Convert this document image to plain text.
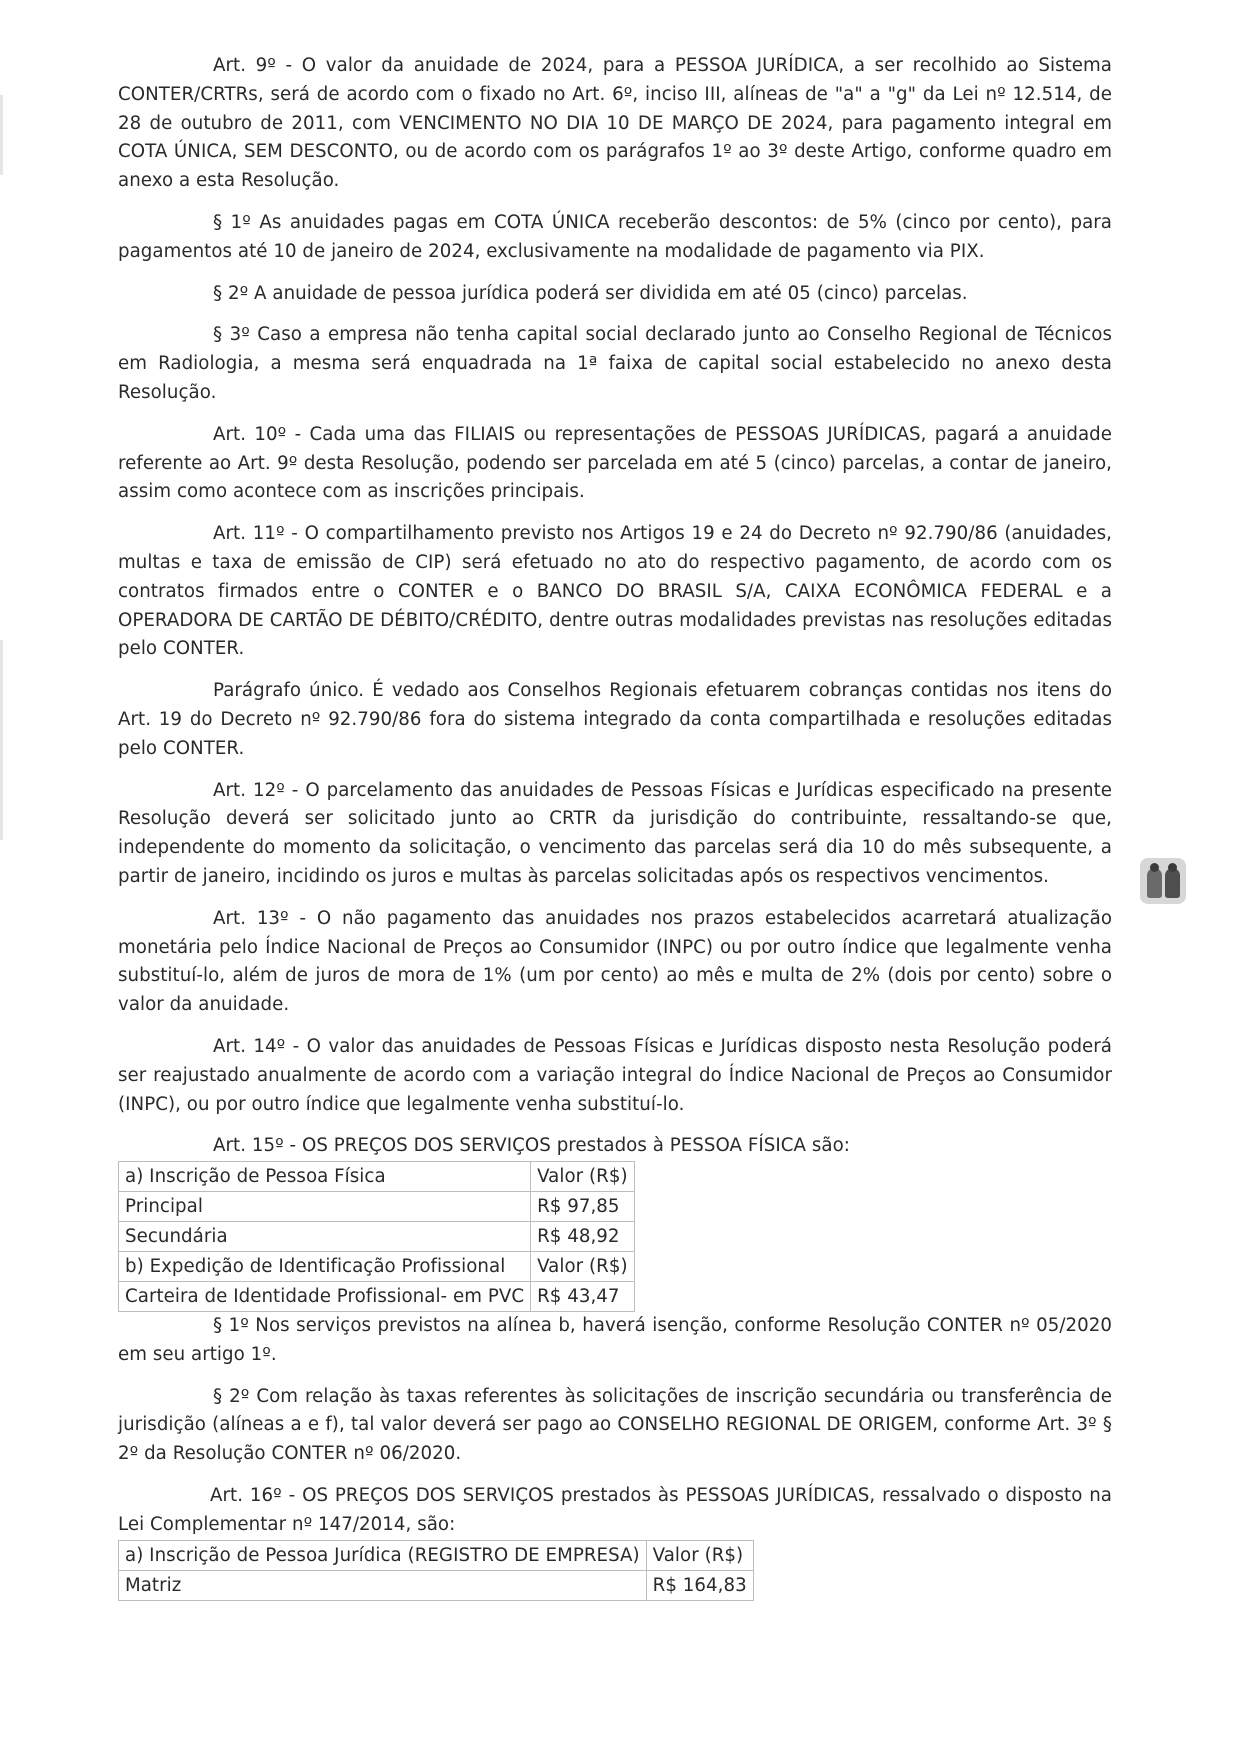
Art. 9º - O valor da anuidade de 2024, para a PESSOA JURÍDICA, a ser recolhido ao Sistema CONTER/CRTRs, será de acordo com o fixado no Art. 6º, inciso III, alíneas de "a" a "g" da Lei nº 12.514, de 28 de outubro de 2011, com VENCIMENTO NO DIA 10 DE MARÇO DE 2024, para pagamento integral em COTA ÚNICA, SEM DESCONTO, ou de acordo com os parágrafos 1º ao 3º deste Artigo, conforme quadro em anexo a esta Resolução.

§ 1º As anuidades pagas em COTA ÚNICA receberão descontos: de 5% (cinco por cento), para pagamentos até 10 de janeiro de 2024, exclusivamente na modalidade de pagamento via PIX.

§ 2º A anuidade de pessoa jurídica poderá ser dividida em até 05 (cinco) parcelas.

§ 3º Caso a empresa não tenha capital social declarado junto ao Conselho Regional de Técnicos em Radiologia, a mesma será enquadrada na 1ª faixa de capital social estabelecido no anexo desta Resolução.

Art. 10º - Cada uma das FILIAIS ou representações de PESSOAS JURÍDICAS, pagará a anuidade referente ao Art. 9º desta Resolução, podendo ser parcelada em até 5 (cinco) parcelas, a contar de janeiro, assim como acontece com as inscrições principais.

Art. 11º - O compartilhamento previsto nos Artigos 19 e 24 do Decreto nº 92.790/86 (anuidades, multas e taxa de emissão de CIP) será efetuado no ato do respectivo pagamento, de acordo com os contratos firmados entre o CONTER e o BANCO DO BRASIL S/A, CAIXA ECONÔMICA FEDERAL e a OPERADORA DE CARTÃO DE DÉBITO/CRÉDITO, dentre outras modalidades previstas nas resoluções editadas pelo CONTER.

Parágrafo único. É vedado aos Conselhos Regionais efetuarem cobranças contidas nos itens do Art. 19 do Decreto nº 92.790/86 fora do sistema integrado da conta compartilhada e resoluções editadas pelo CONTER.

Art. 12º - O parcelamento das anuidades de Pessoas Físicas e Jurídicas especificado na presente Resolução deverá ser solicitado junto ao CRTR da jurisdição do contribuinte, ressaltando-se que, independente do momento da solicitação, o vencimento das parcelas será dia 10 do mês subsequente, a partir de janeiro, incidindo os juros e multas às parcelas solicitadas após os respectivos vencimentos.

Art. 13º - O não pagamento das anuidades nos prazos estabelecidos acarretará atualização monetária pelo Índice Nacional de Preços ao Consumidor (INPC) ou por outro índice que legalmente venha substituí-lo, além de juros de mora de 1% (um por cento) ao mês e multa de 2% (dois por cento) sobre o valor da anuidade.

Art. 14º - O valor das anuidades de Pessoas Físicas e Jurídicas disposto nesta Resolução poderá ser reajustado anualmente de acordo com a variação integral do Índice Nacional de Preços ao Consumidor (INPC), ou por outro índice que legalmente venha substituí-lo.

Art. 15º - OS PREÇOS DOS SERVIÇOS prestados à PESSOA FÍSICA são:

a) Inscrição de Pessoa Física	Valor (R$)
Principal	R$ 97,85
Secundária	R$ 48,92
b) Expedição de Identificação Profissional	Valor (R$)
Carteira de Identidade Profissional- em PVC	R$ 43,47

§ 1º Nos serviços previstos na alínea b, haverá isenção, conforme Resolução CONTER nº 05/2020 em seu artigo 1º.

§ 2º Com relação às taxas referentes às solicitações de inscrição secundária ou transferência de jurisdição (alíneas a e f), tal valor deverá ser pago ao CONSELHO REGIONAL DE ORIGEM, conforme Art. 3º § 2º da Resolução CONTER nº 06/2020.

Art. 16º - OS PREÇOS DOS SERVIÇOS prestados às PESSOAS JURÍDICAS, ressalvado o disposto na Lei Complementar nº 147/2014, são:

a) Inscrição de Pessoa Jurídica (REGISTRO DE EMPRESA)	Valor (R$)
Matriz	R$ 164,83
